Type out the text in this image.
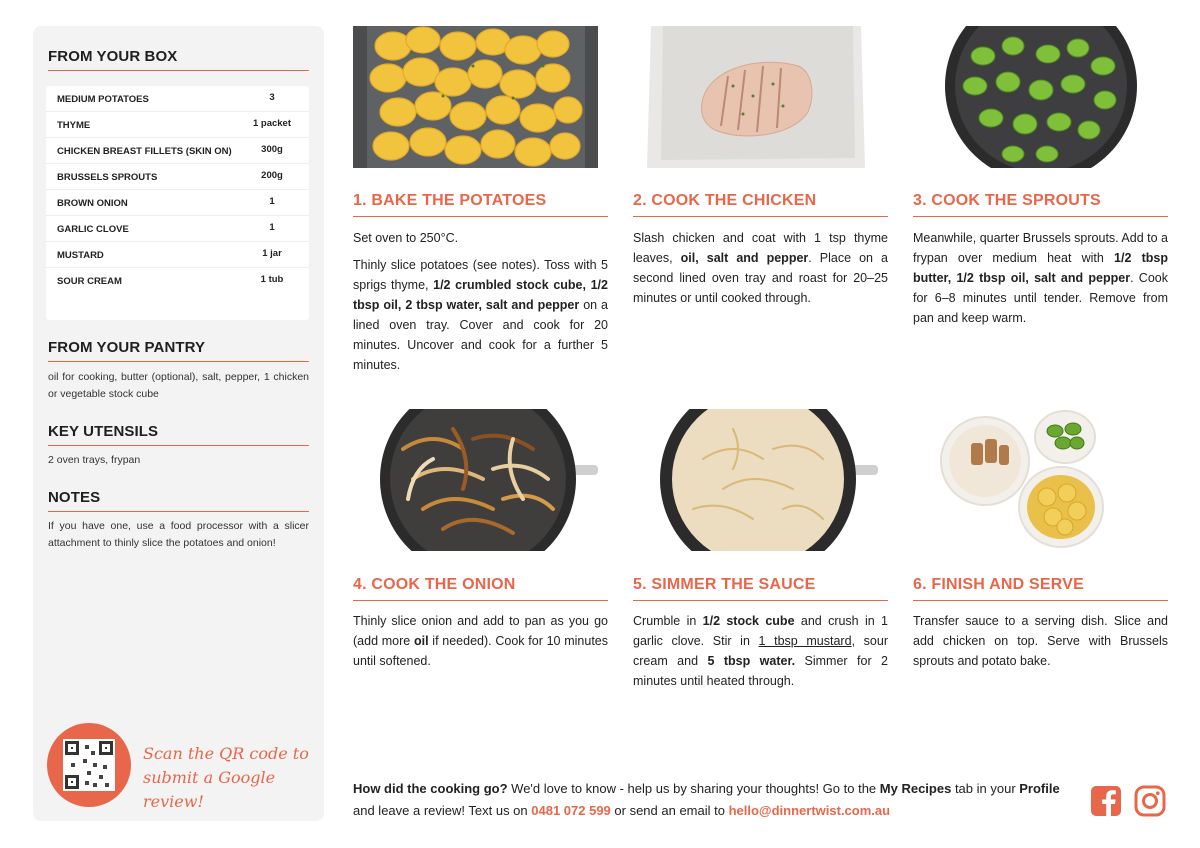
FROM YOUR BOX
MEDIUM POTATOES	3
THYME	1 packet
CHICKEN BREAST FILLETS (SKIN ON)	300g
BRUSSELS SPROUTS	200g
BROWN ONION	1
GARLIC CLOVE	1
MUSTARD	1 jar
SOUR CREAM	1 tub
FROM YOUR PANTRY
oil for cooking, butter (optional), salt, pepper, 1 chicken or vegetable stock cube
KEY UTENSILS
2 oven trays, frypan
NOTES
If you have one, use a food processor with a slicer attachment to thinly slice the potatoes and onion!
Scan the QR code to submit a Google review!
1. BAKE THE POTATOES

Set oven to 250°C.

Thinly slice potatoes (see notes). Toss with 5 sprigs thyme, 1/2 crumbled stock cube, 1/2 tbsp oil, 2 tbsp water, salt and pepper on a lined oven tray. Cover and cook for 20 minutes. Uncover and cook for a further 5 minutes.

2. COOK THE CHICKEN

Slash chicken and coat with 1 tsp thyme leaves, oil, salt and pepper. Place on a second lined oven tray and roast for 20–25 minutes or until cooked through.

3. COOK THE SPROUTS

Meanwhile, quarter Brussels sprouts. Add to a frypan over medium heat with 1/2 tbsp butter, 1/2 tbsp oil, salt and pepper. Cook for 6–8 minutes until tender. Remove from pan and keep warm.

4. COOK THE ONION

Thinly slice onion and add to pan as you go (add more oil if needed). Cook for 10 minutes until softened.

5. SIMMER THE SAUCE

Crumble in 1/2 stock cube and crush in 1 garlic clove. Stir in 1 tbsp mustard, sour cream and 5 tbsp water. Simmer for 2 minutes until heated through.

6. FINISH AND SERVE

Transfer sauce to a serving dish. Slice and add chicken on top. Serve with Brussels sprouts and potato bake.

How did the cooking go? We'd love to know - help us by sharing your thoughts! Go to the My Recipes tab in your Profile and leave a review! Text us on 0481 072 599 or send an email to hello@dinnertwist.com.au
